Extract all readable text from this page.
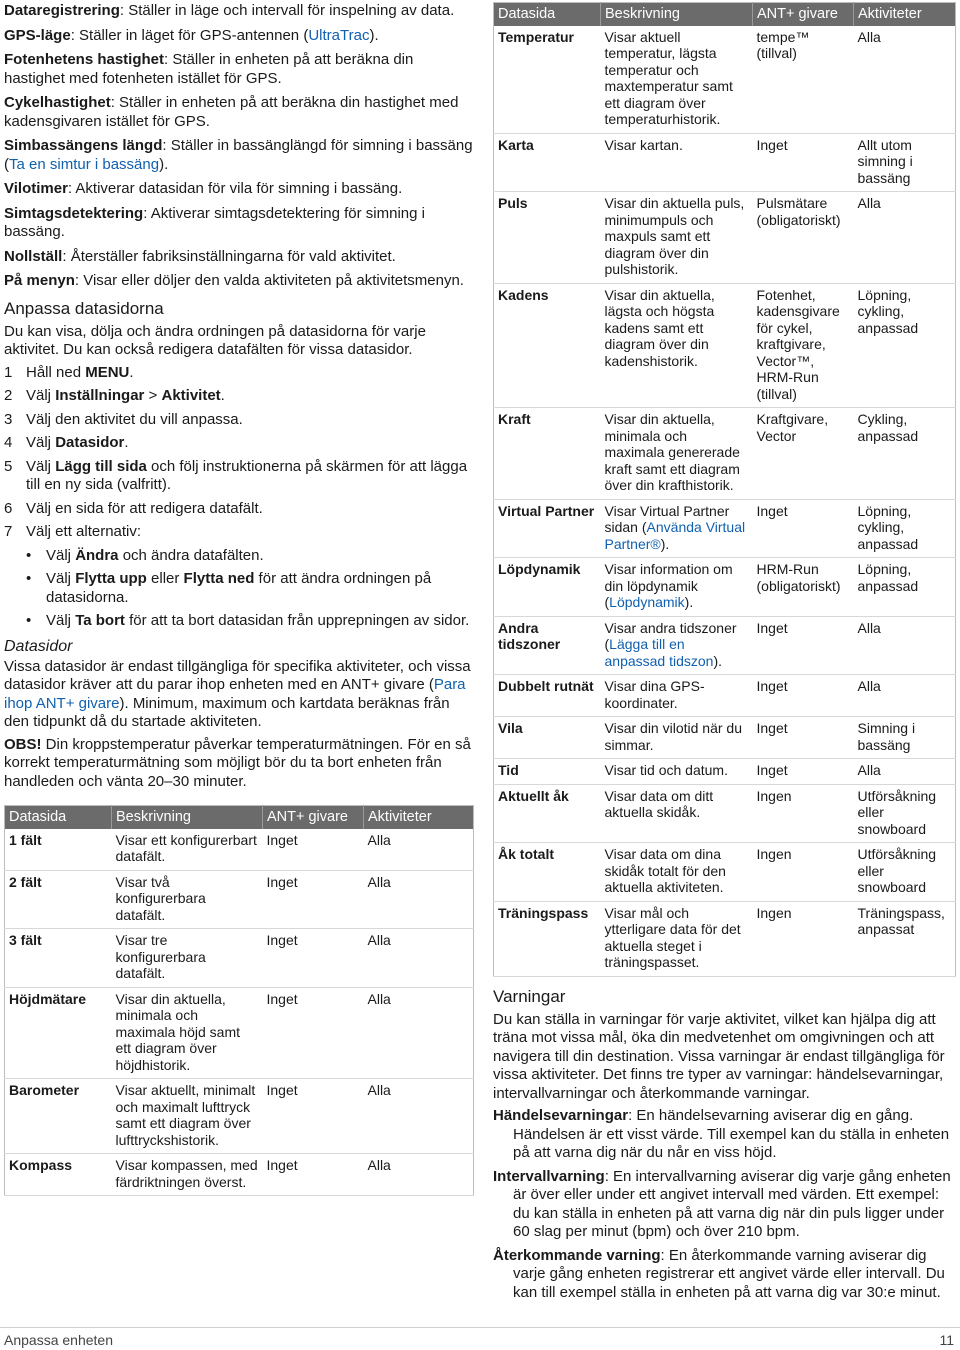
Dataregistrering: Ställer in läge och intervall för inspelning av data.

GPS-läge: Ställer in läget för GPS-antennen (UltraTrac).

Fotenhetens hastighet: Ställer in enheten på att beräkna din hastighet med fotenheten istället för GPS.

Cykelhastighet: Ställer in enheten på att beräkna din hastighet med kadensgivaren istället för GPS.

Simbassängens längd: Ställer in bassänglängd för simning i bassäng (Ta en simtur i bassäng).

Vilotimer: Aktiverar datasidan för vila för simning i bassäng.

Simtagsdetektering: Aktiverar simtagsdetektering för simning i bassäng.

Nollställ: Återställer fabriksinställningarna för vald aktivitet.

På menyn: Visar eller döljer den valda aktiviteten på aktivitetsmenyn.

Anpassa datasidorna

Du kan visa, dölja och ändra ordningen på datasidorna för varje aktivitet. Du kan också redigera datafälten för vissa datasidor.

1 Håll ned MENU.
2 Välj Inställningar > Aktivitet.
3 Välj den aktivitet du vill anpassa.
4 Välj Datasidor.
5 Välj Lägg till sida och följ instruktionerna på skärmen för att lägga till en ny sida (valfritt).
6 Välj en sida för att redigera datafält.
7 Välj ett alternativ:
• Välj Ändra och ändra datafälten.
• Välj Flytta upp eller Flytta ned för att ändra ordningen på datasidorna.
• Välj Ta bort för att ta bort datasidan från upprepningen av sidor.
Datasidor

Vissa datasidor är endast tillgängliga för specifika aktiviteter, och vissa datasidor kräver att du parar ihop enheten med en ANT+ givare (Para ihop ANT+ givare). Minimum, maximum och kartdata beräknas från den tidpunkt då du startade aktiviteten.

OBS! Din kroppstemperatur påverkar temperaturmätningen. För en så korrekt temperaturmätning som möjligt bör du ta bort enheten från handleden och vänta 20–30 minuter.

Datasida	Beskrivning	ANT+ givare	Aktiviteter
1 fält	Visar ett konfigurerbart datafält.	Inget	Alla
2 fält	Visar två konfigurerbara datafält.	Inget	Alla
3 fält	Visar tre konfigurerbara datafält.	Inget	Alla
Höjdmätare	Visar din aktuella, minimala och maximala höjd samt ett diagram över höjdhistorik.	Inget	Alla
Barometer	Visar aktuellt, minimalt och maximalt lufttryck samt ett diagram över lufttryckshistorik.	Inget	Alla
Kompass	Visar kompassen, med färdriktningen överst.	Inget	Alla
Datasida	Beskrivning	ANT+ givare	Aktiviteter
Temperatur	Visar aktuell temperatur, lägsta temperatur och maxtemperatur samt ett diagram över temperaturhistorik.	tempe™ (tillval)	Alla
Karta	Visar kartan.	Inget	Allt utom simning i bassäng
Puls	Visar din aktuella puls, minimumpuls och maxpuls samt ett diagram över din pulshistorik.	Pulsmätare (obligatoriskt)	Alla
Kadens	Visar din aktuella, lägsta och högsta kadens samt ett diagram över din kadenshistorik.	Fotenhet, kadensgivare för cykel, kraftgivare, Vector™, HRM-Run (tillval)	Löpning, cykling, anpassad
Kraft	Visar din aktuella, minimala och maximala genererade kraft samt ett diagram över din krafthistorik.	Kraftgivare, Vector	Cykling, anpassad
Virtual Partner	Visar Virtual Partner sidan (Använda Virtual Partner®).	Inget	Löpning, cykling, anpassad
Löpdynamik	Visar information om din löpdynamik (Löpdynamik).	HRM-Run (obligatoriskt)	Löpning, anpassad
Andra tidszoner	Visar andra tidszoner (Lägga till en anpassad tidszon).	Inget	Alla
Dubbelt rutnät	Visar dina GPS-koordinater.	Inget	Alla
Vila	Visar din vilotid när du simmar.	Inget	Simning i bassäng
Tid	Visar tid och datum.	Inget	Alla
Aktuellt åk	Visar data om ditt aktuella skidåk.	Ingen	Utförsåkning eller snowboard
Åk totalt	Visar data om dina skidåk totalt för den aktuella aktiviteten.	Ingen	Utförsåkning eller snowboard
Träningspass	Visar mål och ytterligare data för det aktuella steget i träningspasset.	Ingen	Träningspass, anpassat
Varningar

Du kan ställa in varningar för varje aktivitet, vilket kan hjälpa dig att träna mot vissa mål, öka din medvetenhet om omgivningen och att navigera till din destination. Vissa varningar är endast tillgängliga för vissa aktiviteter. Det finns tre typer av varningar: händelsevarningar, intervallvarningar och återkommande varningar.

Händelsevarningar: En händelsevarning aviserar dig en gång. Händelsen är ett visst värde. Till exempel kan du ställa in enheten på att varna dig när du når en viss höjd.

Intervallvarning: En intervallvarning aviserar dig varje gång enheten är över eller under ett angivet intervall med värden. Ett exempel: du kan ställa in enheten på att varna dig när din puls ligger under 60 slag per minut (bpm) och över 210 bpm.

Återkommande varning: En återkommande varning aviserar dig varje gång enheten registrerar ett angivet värde eller intervall. Du kan till exempel ställa in enheten på att varna dig var 30:e minut.

Anpassa enheten	11
